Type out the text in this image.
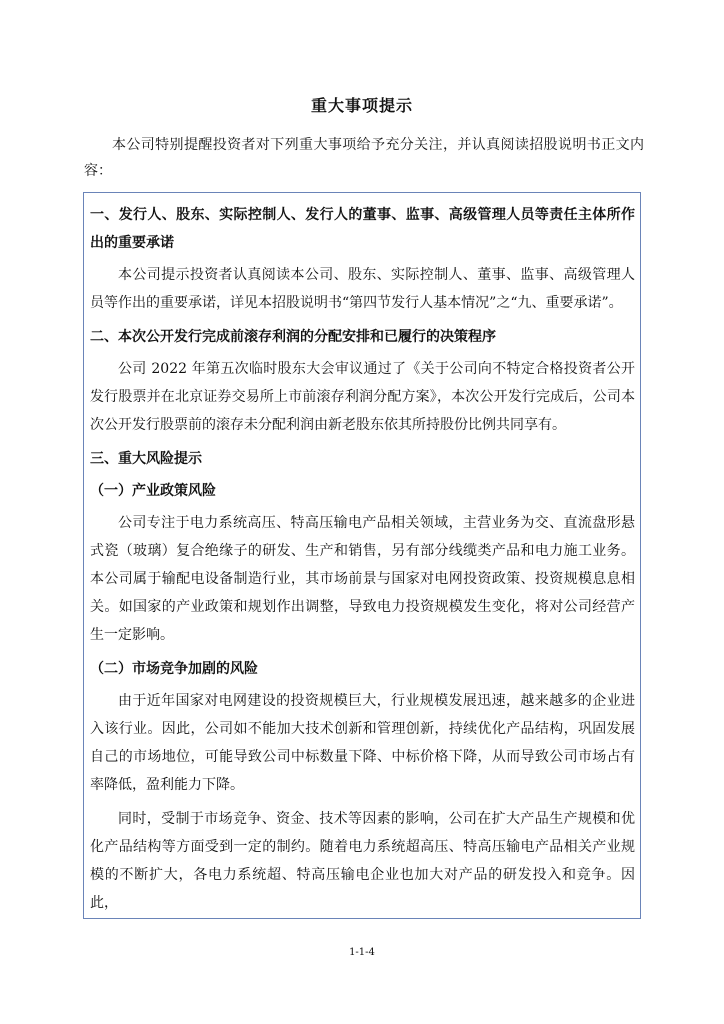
重大事项提示
本公司特别提醒投资者对下列重大事项给予充分关注，并认真阅读招股说明书正文内容：
一、发行人、股东、实际控制人、发行人的董事、监事、高级管理人员等责任主体所作出的重要承诺
本公司提示投资者认真阅读本公司、股东、实际控制人、董事、监事、高级管理人员等作出的重要承诺，详见本招股说明书“第四节发行人基本情况”之“九、重要承诺”。
二、本次公开发行完成前滚存利润的分配安排和已履行的决策程序
公司 2022 年第五次临时股东大会审议通过了《关于公司向不特定合格投资者公开发行股票并在北京证券交易所上市前滚存利润分配方案》，本次公开发行完成后，公司本次公开发行股票前的滚存未分配利润由新老股东依其所持股份比例共同享有。
三、重大风险提示
（一）产业政策风险
公司专注于电力系统高压、特高压输电产品相关领域，主营业务为交、直流盘形悬式瓷（玻璃）复合绝缘子的研发、生产和销售，另有部分线缆类产品和电力施工业务。本公司属于输配电设备制造行业，其市场前景与国家对电网投资政策、投资规模息息相关。如国家的产业政策和规划作出调整，导致电力投资规模发生变化，将对公司经营产生一定影响。
（二）市场竞争加剧的风险
由于近年国家对电网建设的投资规模巨大，行业规模发展迅速，越来越多的企业进入该行业。因此，公司如不能加大技术创新和管理创新，持续优化产品结构，巩固发展自己的市场地位，可能导致公司中标数量下降、中标价格下降，从而导致公司市场占有率降低，盈利能力下降。
同时，受制于市场竞争、资金、技术等因素的影响，公司在扩大产品生产规模和优化产品结构等方面受到一定的制约。随着电力系统超高压、特高压输电产品相关产业规模的不断扩大，各电力系统超、特高压输电企业也加大对产品的研发投入和竞争。因此，
1-1-4
